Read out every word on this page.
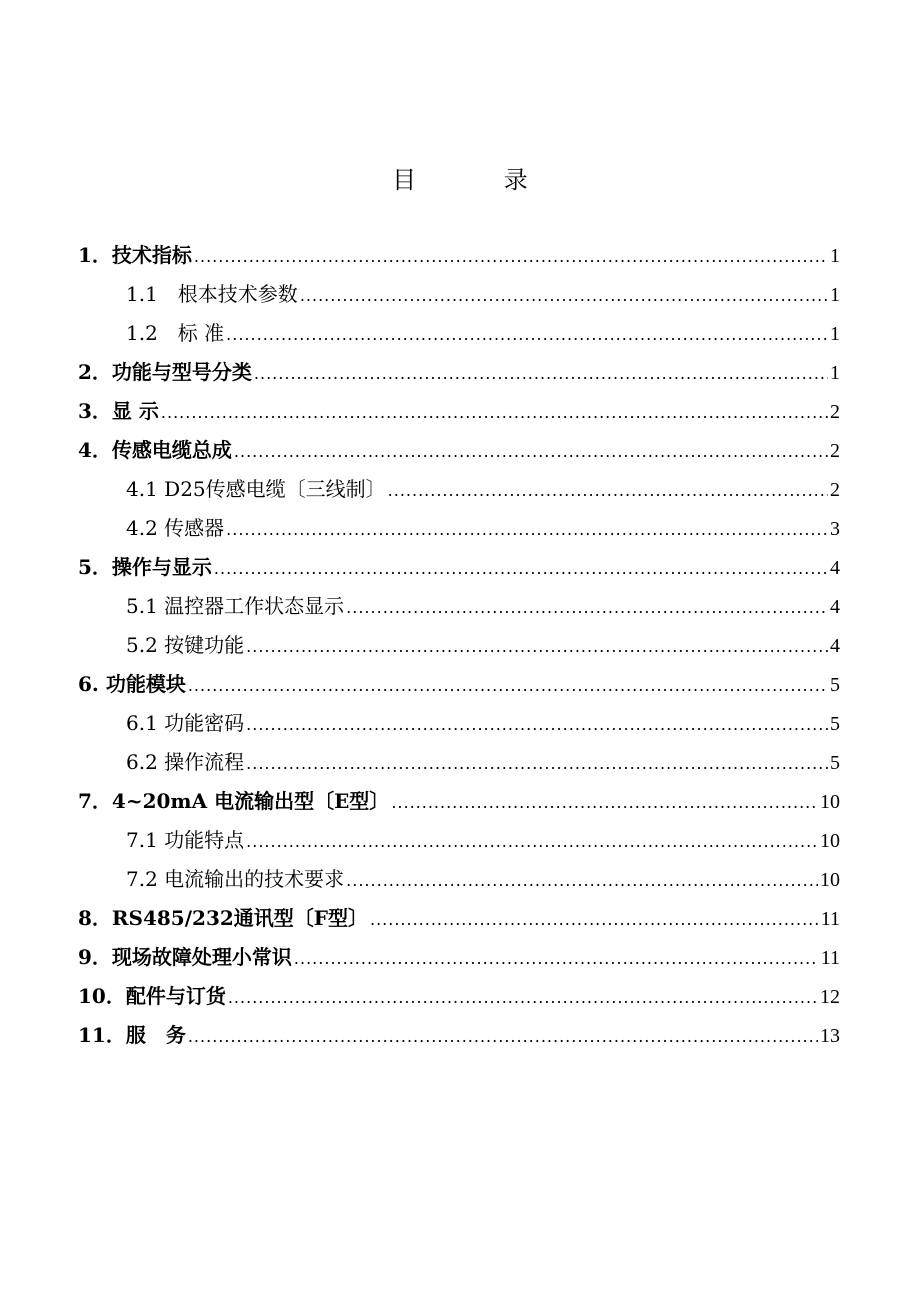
目 录
1．技术指标 .....	1
1.1　根本技术参数 .....	1
1.2　标 准 .....	1
2．功能与型号分类 .....	1
3．显 示 .....	2
4．传感电缆总成 .....	2
4.1 D25传感电缆〔三线制〕 .....	2
4.2 传感器 .....	3
5．操作与显示 .....	4
5.1 温控器工作状态显示 .....	4
5.2 按键功能 .....	4
6. 功能模块 .....	5
6.1 功能密码 .....	5
6.2 操作流程 .....	5
7．4~20mA 电流输出型〔E型〕 .....	10
7.1 功能特点 .....	10
7.2 电流输出的技术要求 .....	10
8．RS485/232通讯型〔F型〕 .....	11
9．现场故障处理小常识 .....	11
10．配件与订货 .....	12
11．服　务 .....	13
